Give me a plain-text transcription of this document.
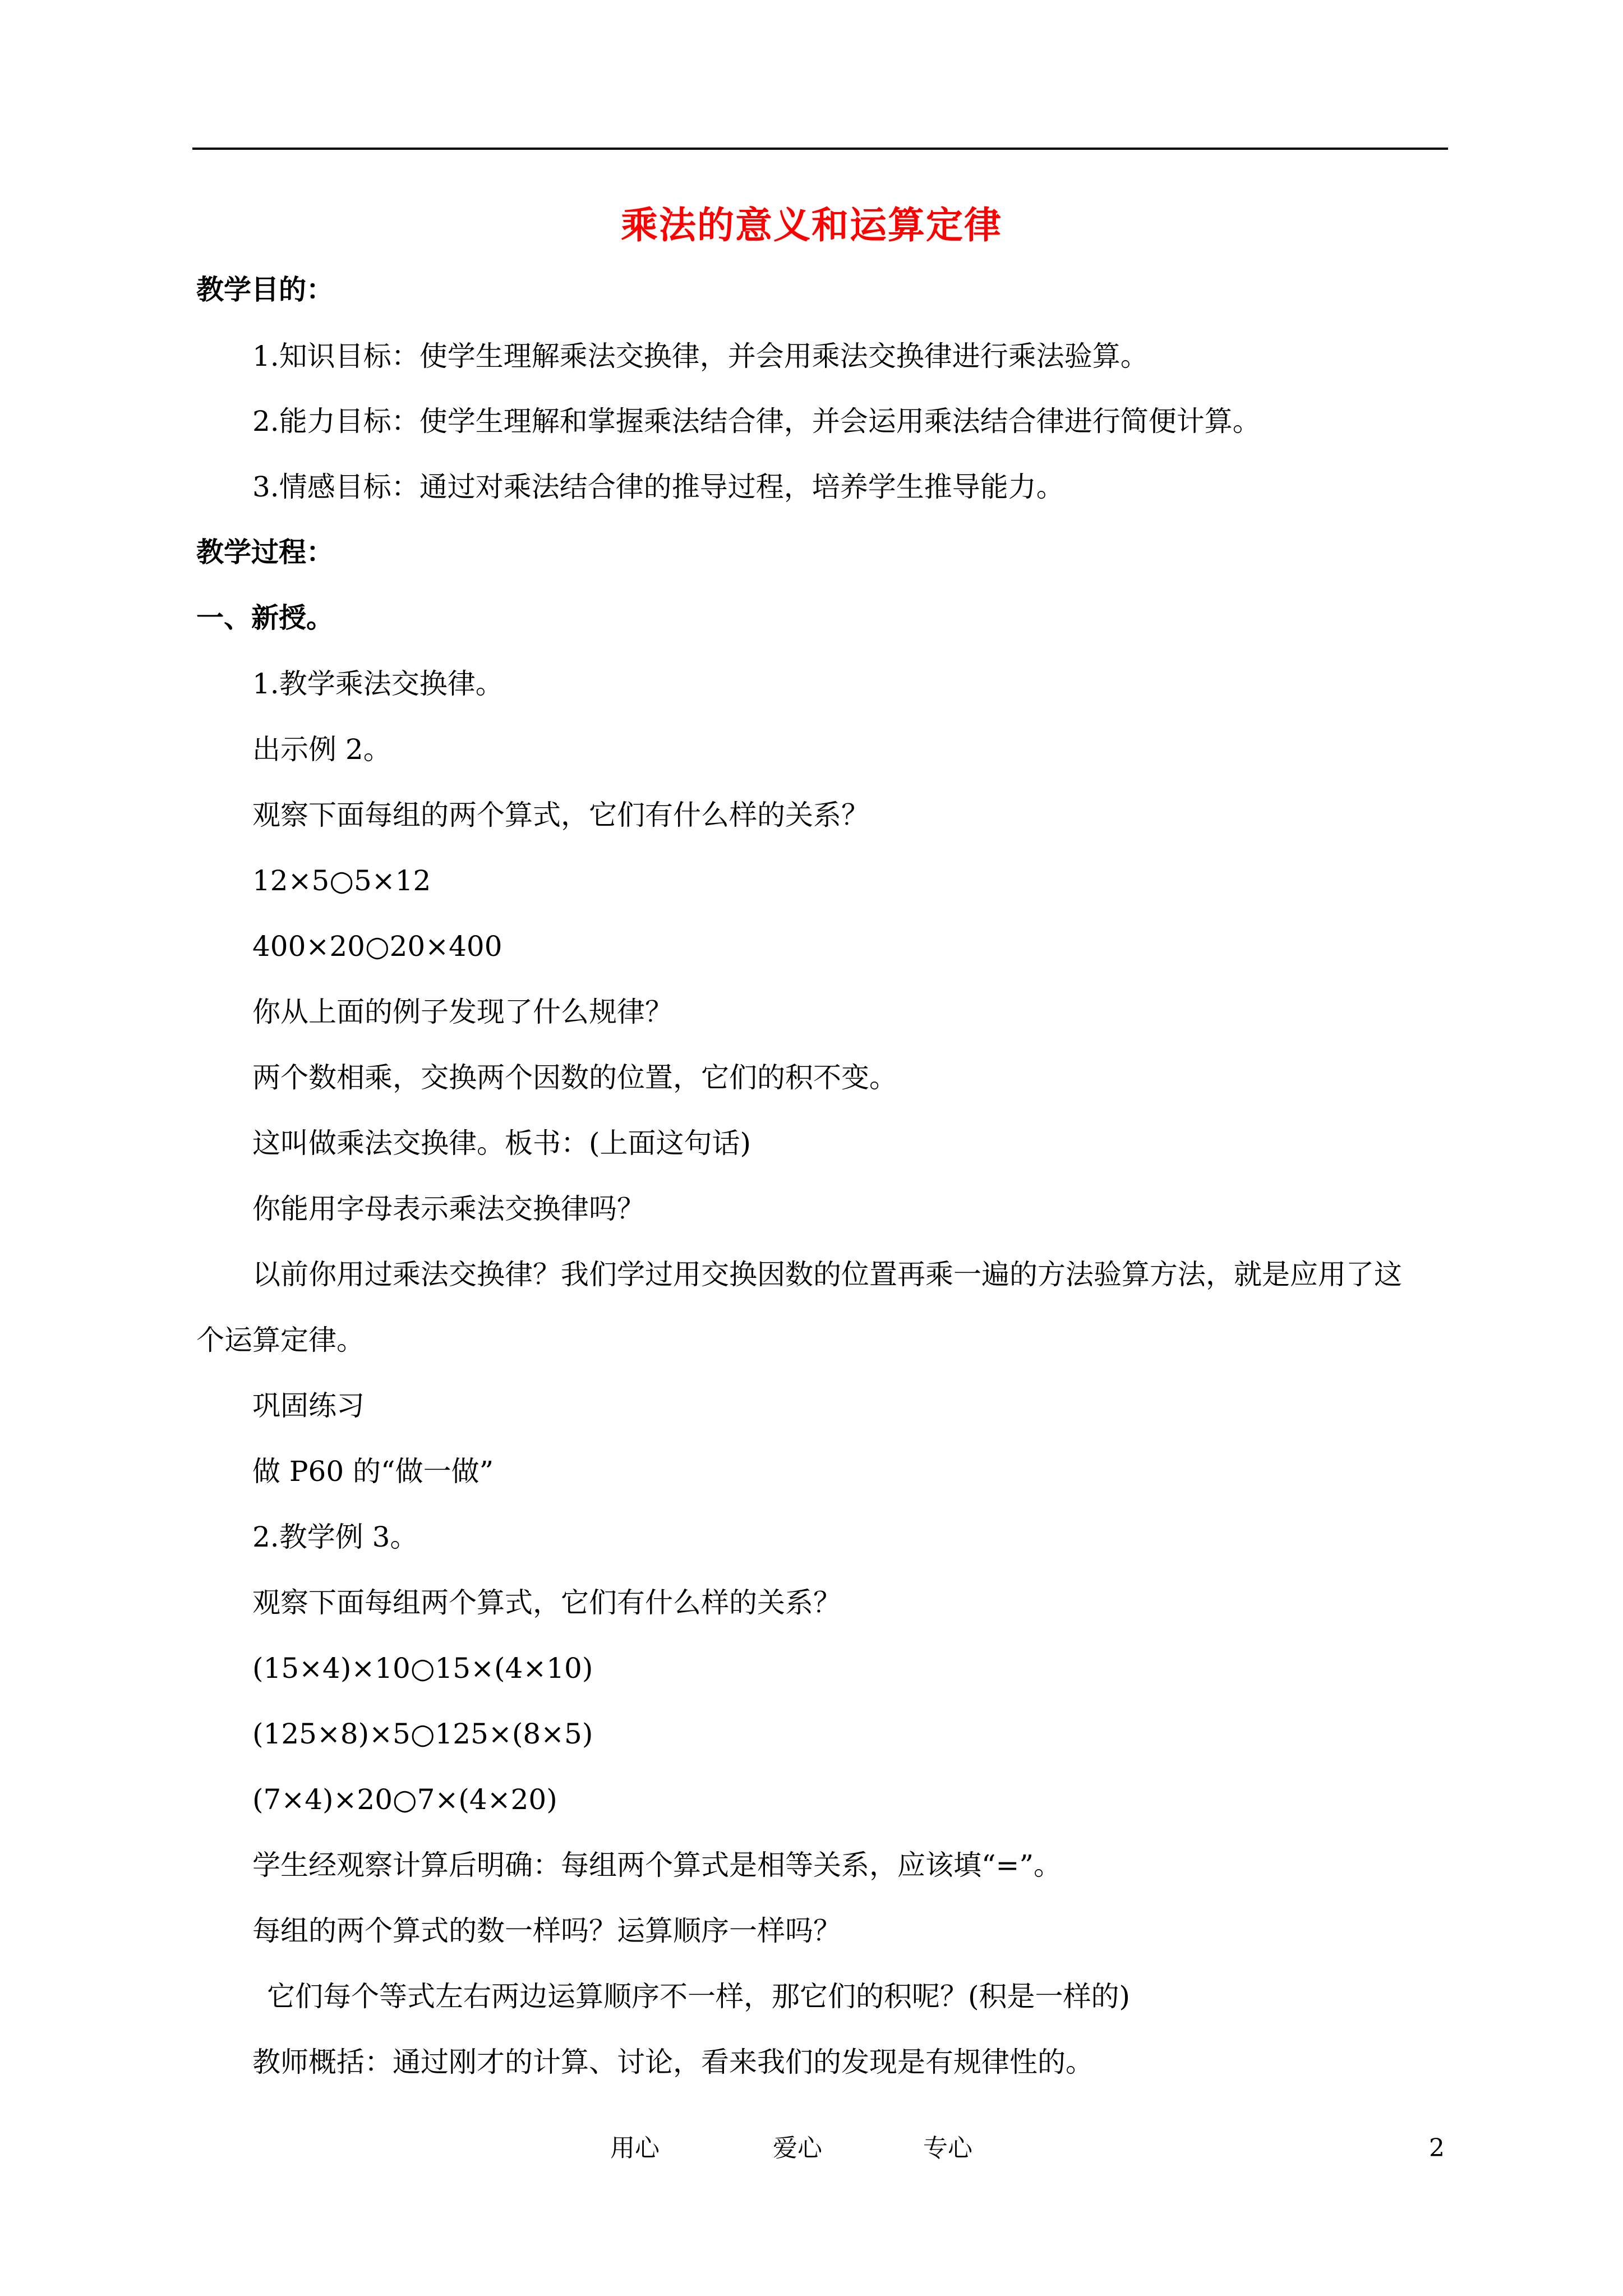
乘法的意义和运算定律
教学目的：
1.知识目标：使学生理解乘法交换律，并会用乘法交换律进行乘法验算。
2.能力目标：使学生理解和掌握乘法结合律，并会运用乘法结合律进行简便计算。
3.情感目标：通过对乘法结合律的推导过程，培养学生推导能力。
教学过程：
一、新授。
1.教学乘法交换律。
出示例 2。
观察下面每组的两个算式，它们有什么样的关系？
12×5○5×12
400×20○20×400
你从上面的例子发现了什么规律？
两个数相乘，交换两个因数的位置，它们的积不变。
这叫做乘法交换律。板书：(上面这句话)
你能用字母表示乘法交换律吗？
以前你用过乘法交换律？我们学过用交换因数的位置再乘一遍的方法验算方法，就是应用了这
个运算定律。
巩固练习
做 P60 的“做一做”
2.教学例 3。
观察下面每组两个算式，它们有什么样的关系？
(15×4)×10○15×(4×10)
(125×8)×5○125×(8×5)
(7×4)×20○7×(4×20)
学生经观察计算后明确：每组两个算式是相等关系，应该填“=”。
每组的两个算式的数一样吗？运算顺序一样吗？
它们每个等式左右两边运算顺序不一样，那它们的积呢？(积是一样的)
教师概括：通过刚才的计算、讨论，看来我们的发现是有规律性的。
用心	爱心	专心	2
